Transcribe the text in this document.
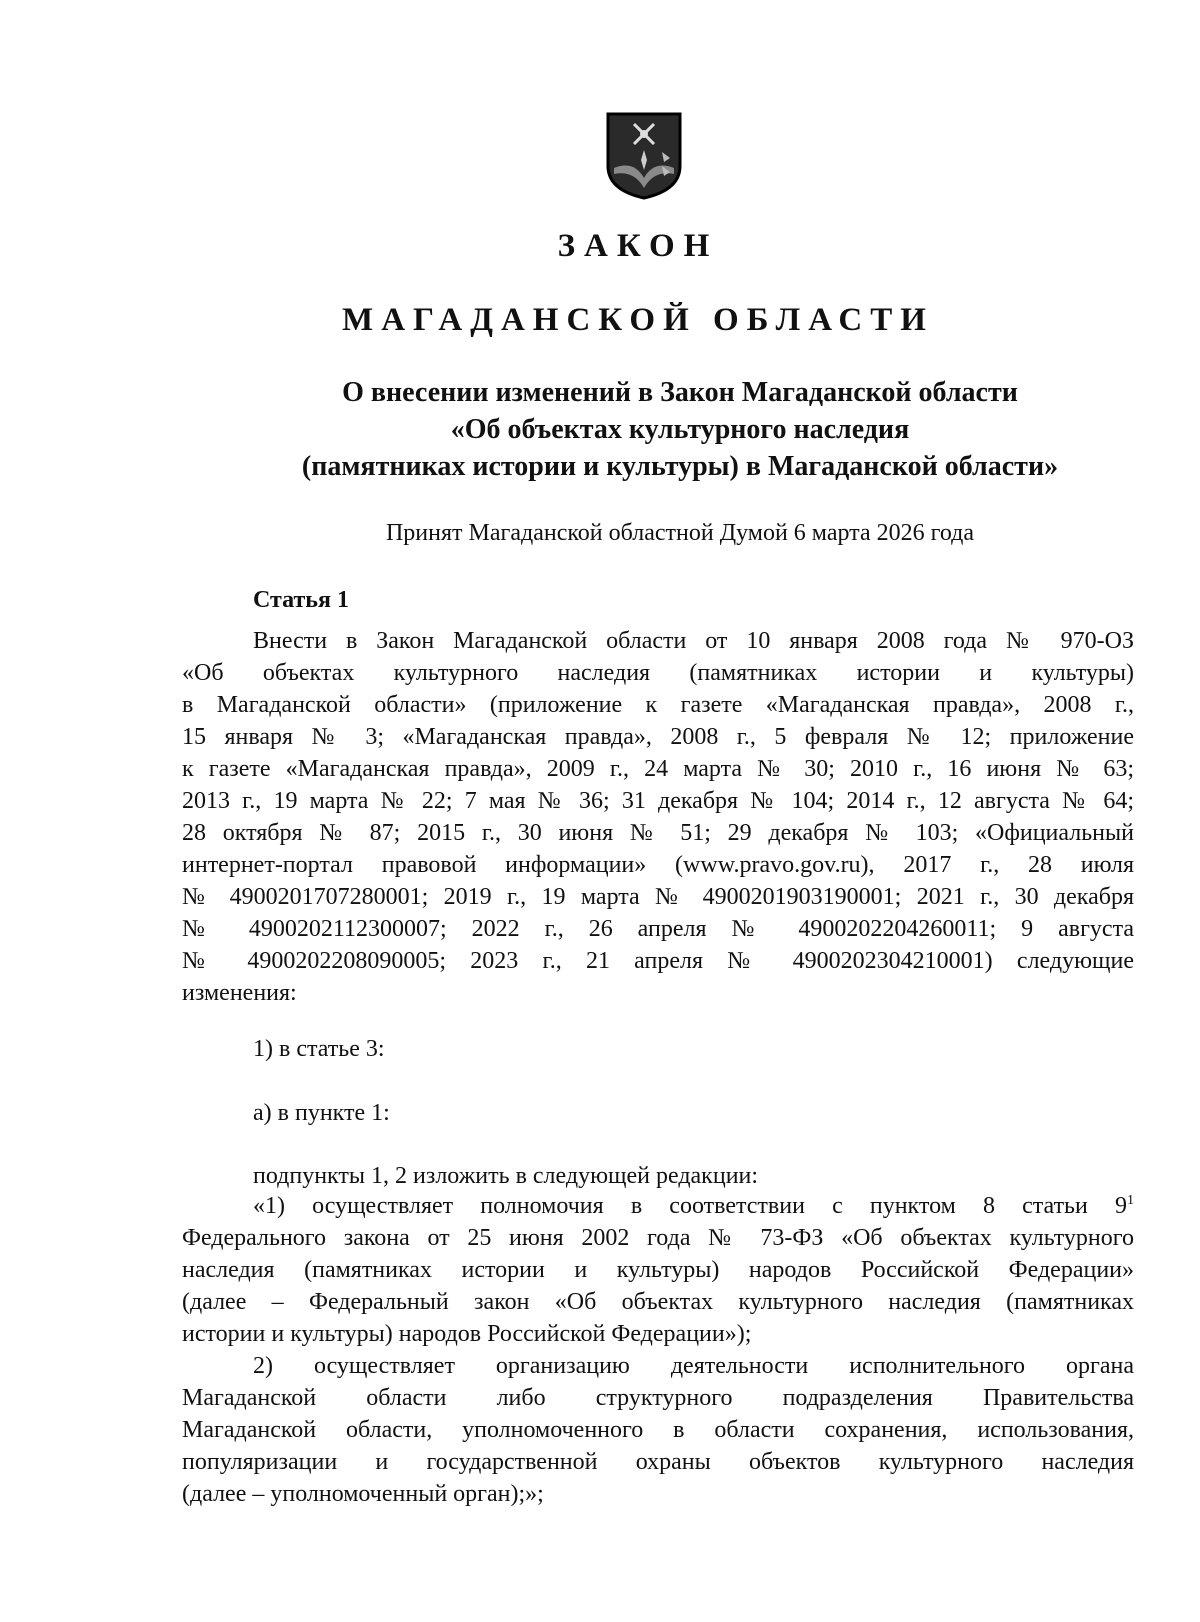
ЗАКОН
МАГАДАНСКОЙ ОБЛАСТИ
О внесении изменений в Закон Магаданской области
«Об объектах культурного наследия
(памятниках истории и культуры) в Магаданской области»
Принят Магаданской областной Думой 6 марта 2026 года
Статья 1
Внести в Закон Магаданской области от 10 января 2008 года № 970-ОЗ
«Об объектах культурного наследия (памятниках истории и культуры)
в Магаданской области» (приложение к газете «Магаданская правда», 2008 г.,
15 января № 3; «Магаданская правда», 2008 г., 5 февраля № 12; приложение
к газете «Магаданская правда», 2009 г., 24 марта № 30; 2010 г., 16 июня № 63;
2013 г., 19 марта № 22; 7 мая № 36; 31 декабря № 104; 2014 г., 12 августа № 64;
28 октября № 87; 2015 г., 30 июня № 51; 29 декабря № 103; «Официальный
интернет-портал правовой информации» (www.pravo.gov.ru), 2017 г., 28 июля
№ 4900201707280001; 2019 г., 19 марта № 4900201903190001; 2021 г., 30 декабря
№ 4900202112300007; 2022 г., 26 апреля № 4900202204260011; 9 августа
№ 4900202208090005; 2023 г., 21 апреля № 4900202304210001) следующие
изменения:
1) в статье 3:
а) в пункте 1:
подпункты 1, 2 изложить в следующей редакции:
«1) осуществляет полномочия в соответствии с пунктом 8 статьи $9^1$
Федерального закона от 25 июня 2002 года № 73-ФЗ «Об объектах культурного
наследия (памятниках истории и культуры) народов Российской Федерации»
(далее – Федеральный закон «Об объектах культурного наследия (памятниках
истории и культуры) народов Российской Федерации»);
2) осуществляет организацию деятельности исполнительного органа
Магаданской области либо структурного подразделения Правительства
Магаданской области, уполномоченного в области сохранения, использования,
популяризации и государственной охраны объектов культурного наследия
(далее – уполномоченный орган);»;
